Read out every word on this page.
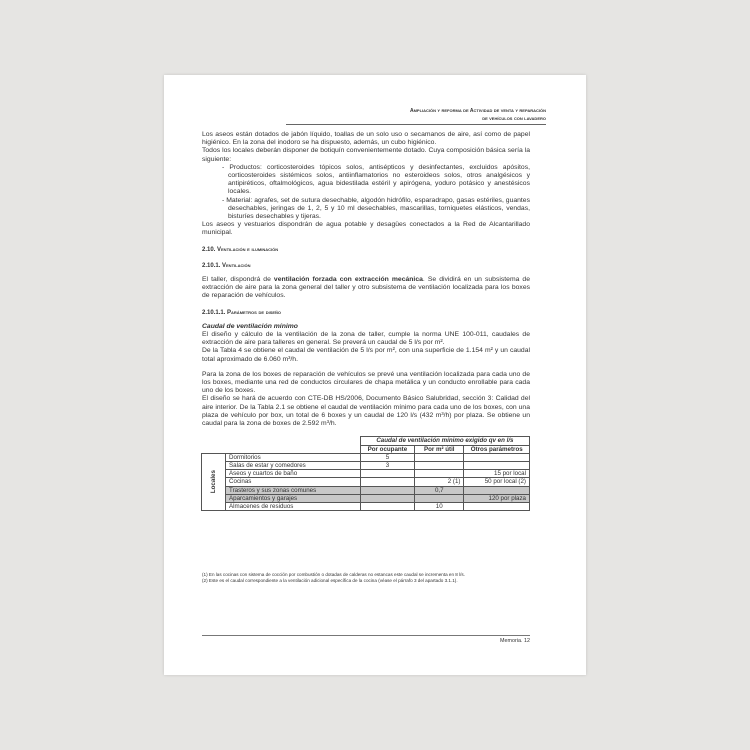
Ampliación y reforma de Actividad de venta y reparación
de vehículos con lavadero

Los aseos están dotados de jabón líquido, toallas de un solo uso o secamanos de aire, así como de papel higiénico. En la zona del inodoro se ha dispuesto, además, un cubo higiénico.

Todos los locales deberán disponer de botiquín convenientemente dotado. Cuya composición básica sería la siguiente:

- Productos: corticosteroides tópicos solos, antisépticos y desinfectantes, excluidos apósitos, corticosteroides sistémicos solos, antiinflamatorios no esteroideos solos, otros analgésicos y antipiréticos, oftalmológicos, agua bidestilada estéril y apirógena, yoduro potásico y anestésicos locales.
- Material: agrafes, set de sutura desechable, algodón hidrófilo, esparadrapo, gasas estériles, guantes desechables, jeringas de 1, 2, 5 y 10 ml desechables, mascarillas, torniquetes elásticos, vendas, bisturíes desechables y tijeras.

Los aseos y vestuarios dispondrán de agua potable y desagües conectados a la Red de Alcantarillado municipal.

2.10. Ventilación e iluminación

2.10.1. Ventilación

El taller, dispondrá de ventilación forzada con extracción mecánica. Se dividirá en un subsistema de extracción de aire para la zona general del taller y otro subsistema de ventilación localizada para los boxes de reparación de vehículos.

2.10.1.1. Parámetros de diseño

Caudal de ventilación mínimo

El diseño y cálculo de la ventilación de la zona de taller, cumple la norma UNE 100-011, caudales de extracción de aire para talleres en general. Se preverá un caudal de 5 l/s por m².

De la Tabla 4 se obtiene el caudal de ventilación de 5 l/s por m², con una superficie de 1.154 m² y un caudal total aproximado de 6.060 m³/h.

Para la zona de los boxes de reparación de vehículos se prevé una ventilación localizada para cada uno de los boxes, mediante una red de conductos circulares de chapa metálica y un conducto enrollable para cada uno de los boxes.

El diseño se hará de acuerdo con CTE-DB HS/2006, Documento Básico Salubridad, sección 3: Calidad del aire interior. De la Tabla 2.1 se obtiene el caudal de ventilación mínimo para cada uno de los boxes, con una plaza de vehículo por box, un total de 6 boxes y un caudal de 120 l/s (432 m³/h) por plaza. Se obtiene un caudal para la zona de boxes de 2.592 m³/h.

		Caudal de ventilación mínimo exigido qv en l/s		
		Por ocupante	Por m² útil	Otros parámetros
Locales	Dormitorios	5		
	Salas de estar y comedores	3		
	Aseos y cuartos de baño			15 por local
	Cocinas		2 (1)	50 por local (2)
	Trasteros y sus zonas comunes		0,7	
	Aparcamientos y garajes			120 por plaza
	Almacenes de residuos		10	
(1) En las cocinas con sistema de cocción por combustión o dotadas de calderas no estancas este caudal se incrementa en 8 l/s.
(2) Este es el caudal correspondiente a la ventilación adicional específica de la cocina (véase el párrafo 3 del apartado 3.1.1).
Memoria. 12
